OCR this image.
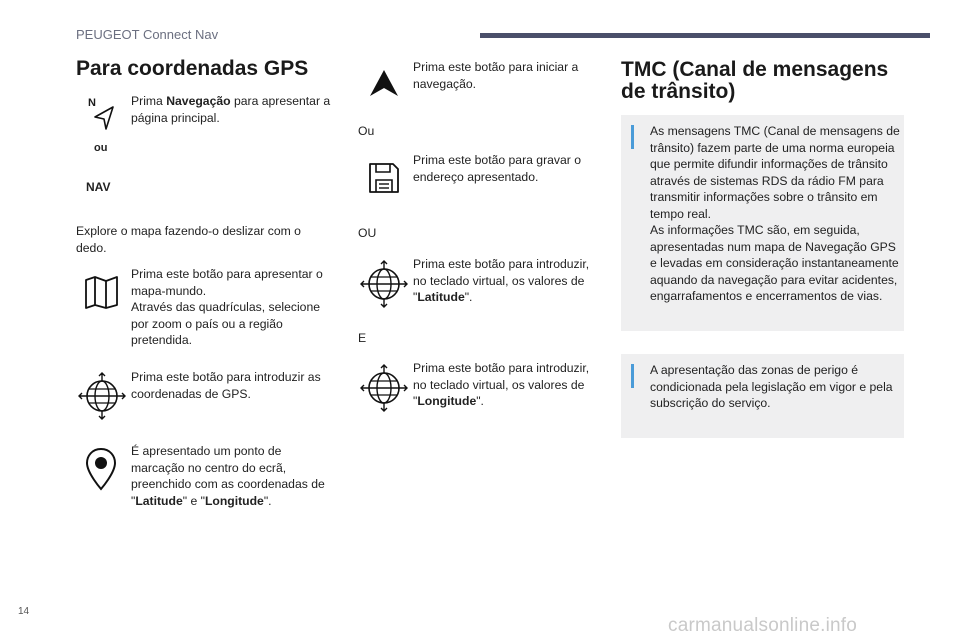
PEUGEOT Connect Nav
Para coordenadas GPS
N
ou
NAV
Prima Navegação para apresentar a página principal.
Explore o mapa fazendo-o deslizar com o dedo.
Prima este botão para apresentar o mapa-mundo.
Através das quadrículas, selecione por zoom o país ou a região pretendida.
Prima este botão para introduzir as coordenadas de GPS.
É apresentado um ponto de marcação no centro do ecrã, preenchido com as coordenadas de "Latitude" e "Longitude".
Prima este botão para iniciar a navegação.
Ou
Prima este botão para gravar o endereço apresentado.
OU
Prima este botão para introduzir, no teclado virtual, os valores de "Latitude".
E
Prima este botão para introduzir, no teclado virtual, os valores de "Longitude".
TMC (Canal de mensagens de trânsito)
As mensagens TMC (Canal de mensagens de trânsito) fazem parte de uma norma europeia que permite difundir informações de trânsito através de sistemas RDS da rádio FM para transmitir informações sobre o trânsito em tempo real.
As informações TMC são, em seguida, apresentadas num mapa de Navegação GPS e levadas em consideração instantaneamente aquando da navegação para evitar acidentes, engarrafamentos e encerramentos de vias.
A apresentação das zonas de perigo é condicionada pela legislação em vigor e pela subscrição do serviço.
14
carmanualsonline.info
